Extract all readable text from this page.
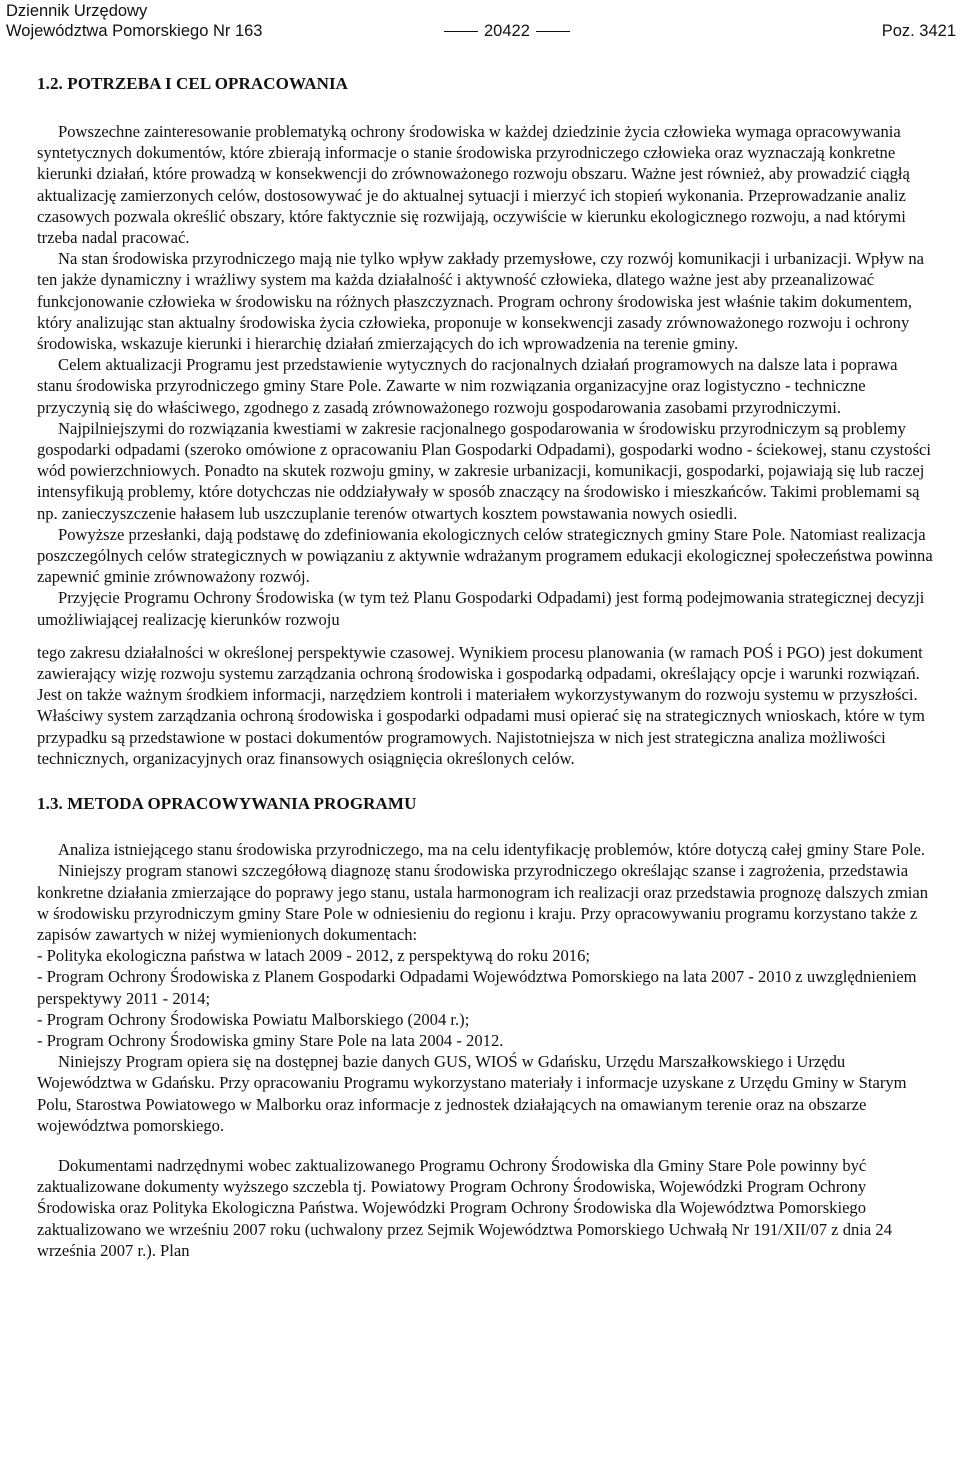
Dziennik Urzędowy
Województwa Pomorskiego Nr 163	20422	Poz. 3421
1.2. POTRZEBA I CEL OPRACOWANIA

Powszechne zainteresowanie problematyką ochrony środowiska w każdej dziedzinie życia człowieka wymaga opracowywania syntetycznych dokumentów, które zbierają informacje o stanie środowiska przyrodniczego człowieka oraz wyznaczają konkretne kierunki działań, które prowadzą w konsekwencji do zrównoważonego rozwoju obszaru. Ważne jest również, aby prowadzić ciągłą aktualizację zamierzonych celów, dostosowywać je do aktualnej sytuacji i mierzyć ich stopień wykonania. Przeprowadzanie analiz czasowych pozwala określić obszary, które faktycznie się rozwijają, oczywiście w kierunku ekologicznego rozwoju, a nad którymi trzeba nadal pracować.

Na stan środowiska przyrodniczego mają nie tylko wpływ zakłady przemysłowe, czy rozwój komunikacji i urbanizacji. Wpływ na ten jakże dynamiczny i wrażliwy system ma każda działalność i aktywność człowieka, dlatego ważne jest aby przeanalizować funkcjonowanie człowieka w środowisku na różnych płaszczyznach. Program ochrony środowiska jest właśnie takim dokumentem, który analizując stan aktualny środowiska życia człowieka, proponuje w konsekwencji zasady zrównoważonego rozwoju i ochrony środowiska, wskazuje kierunki i hierarchię działań zmierzających do ich wprowadzenia na terenie gminy.

Celem aktualizacji Programu jest przedstawienie wytycznych do racjonalnych działań programowych na dalsze lata i poprawa stanu środowiska przyrodniczego gminy Stare Pole. Zawarte w nim rozwiązania organizacyjne oraz logistyczno - techniczne przyczynią się do właściwego, zgodnego z zasadą zrównoważonego rozwoju gospodarowania zasobami przyrodniczymi.

Najpilniejszymi do rozwiązania kwestiami w zakresie racjonalnego gospodarowania w środowisku przyrodniczym są problemy gospodarki odpadami (szeroko omówione z opracowaniu Plan Gospodarki Odpadami), gospodarki wodno - ściekowej, stanu czystości wód powierzchniowych. Ponadto na skutek rozwoju gminy, w zakresie urbanizacji, komunikacji, gospodarki, pojawiają się lub raczej intensyfikują problemy, które dotychczas nie oddziaływały w sposób znaczący na środowisko i mieszkańców. Takimi problemami są np. zanieczyszczenie hałasem lub uszczuplanie terenów otwartych kosztem powstawania nowych osiedli.

Powyższe przesłanki, dają podstawę do zdefiniowania ekologicznych celów strategicznych gminy Stare Pole. Natomiast realizacja poszczególnych celów strategicznych w powiązaniu z aktywnie wdrażanym programem edukacji ekologicznej społeczeństwa powinna zapewnić gminie zrównoważony rozwój.

Przyjęcie Programu Ochrony Środowiska (w tym też Planu Gospodarki Odpadami) jest formą podejmowania strategicznej decyzji umożliwiającej realizację kierunków rozwoju

tego zakresu działalności w określonej perspektywie czasowej. Wynikiem procesu planowania (w ramach POŚ i PGO) jest dokument zawierający wizję rozwoju systemu zarządzania ochroną środowiska i gospodarką odpadami, określający opcje i warunki rozwiązań. Jest on także ważnym środkiem informacji, narzędziem kontroli i materiałem wykorzystywanym do rozwoju systemu w przyszłości. Właściwy system zarządzania ochroną środowiska i gospodarki odpadami musi opierać się na strategicznych wnioskach, które w tym przypadku są przedstawione w postaci dokumentów programowych. Najistotniejsza w nich jest strategiczna analiza możliwości technicznych, organizacyjnych oraz finansowych osiągnięcia określonych celów.

1.3. METODA OPRACOWYWANIA PROGRAMU

Analiza istniejącego stanu środowiska przyrodniczego, ma na celu identyfikację problemów, które dotyczą całej gminy Stare Pole.

Niniejszy program stanowi szczegółową diagnozę stanu środowiska przyrodniczego określając szanse i zagrożenia, przedstawia konkretne działania zmierzające do poprawy jego stanu, ustala harmonogram ich realizacji oraz przedstawia prognozę dalszych zmian w środowisku przyrodniczym gminy Stare Pole w odniesieniu do regionu i kraju. Przy opracowywaniu programu korzystano także z zapisów zawartych w niżej wymienionych dokumentach:

- Polityka ekologiczna państwa w latach 2009 - 2012, z perspektywą do roku 2016;

- Program Ochrony Środowiska z Planem Gospodarki Odpadami Województwa Pomorskiego na lata 2007 - 2010 z uwzględnieniem perspektywy 2011 - 2014;

- Program Ochrony Środowiska Powiatu Malborskiego (2004 r.);

- Program Ochrony Środowiska gminy Stare Pole na lata 2004 - 2012.

Niniejszy Program opiera się na dostępnej bazie danych GUS, WIOŚ w Gdańsku, Urzędu Marszałkowskiego i Urzędu Województwa w Gdańsku. Przy opracowaniu Programu wykorzystano materiały i informacje uzyskane z Urzędu Gminy w Starym Polu, Starostwa Powiatowego w Malborku oraz informacje z jednostek działających na omawianym terenie oraz na obszarze województwa pomorskiego.

Dokumentami nadrzędnymi wobec zaktualizowanego Programu Ochrony Środowiska dla Gminy Stare Pole powinny być zaktualizowane dokumenty wyższego szczebla tj. Powiatowy Program Ochrony Środowiska, Wojewódzki Program Ochrony Środowiska oraz Polityka Ekologiczna Państwa. Wojewódzki Program Ochrony Środowiska dla Województwa Pomorskiego zaktualizowano we wrześniu 2007 roku (uchwalony przez Sejmik Województwa Pomorskiego Uchwałą Nr 191/XII/07 z dnia 24 września 2007 r.). Plan
